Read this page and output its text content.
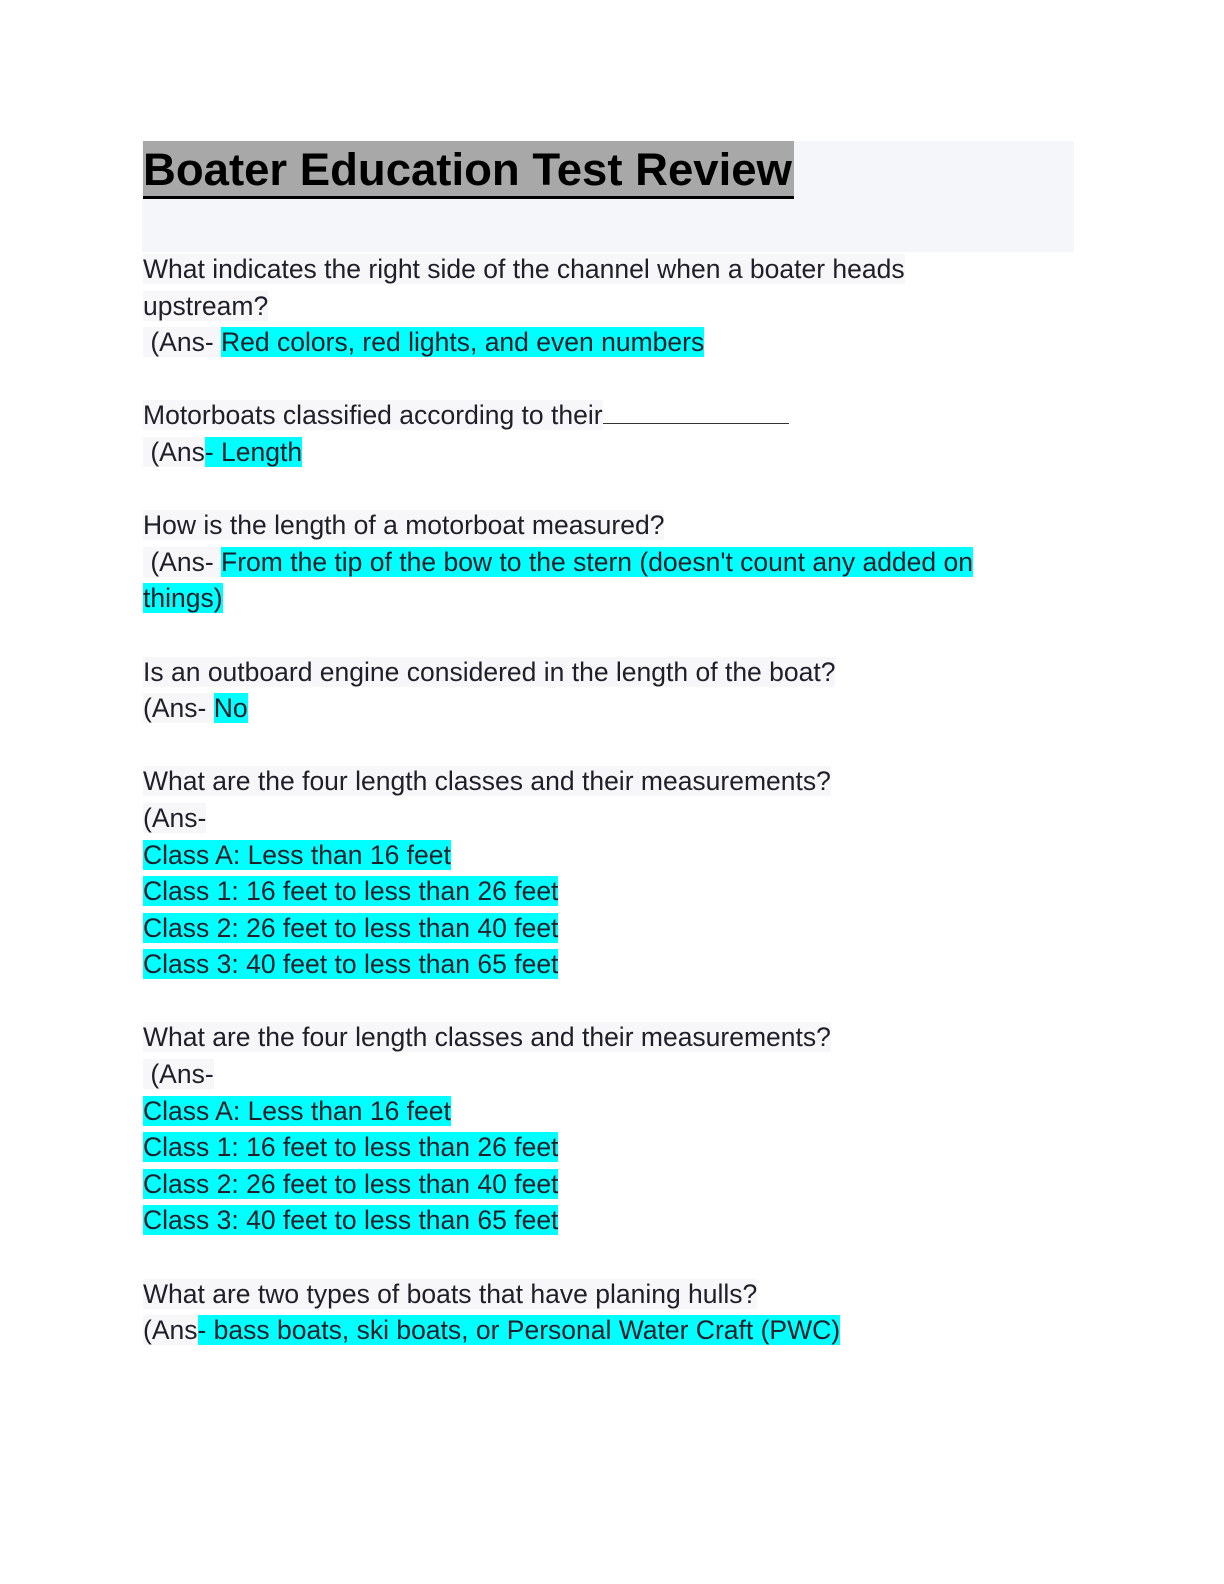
Boater Education Test Review
What indicates the right side of the channel when a boater heads
upstream?
(Ans- Red colors, red lights, and even numbers
Motorboats classified according to their
(Ans- Length
How is the length of a motorboat measured?
(Ans- From the tip of the bow to the stern (doesn't count any added on
things)
Is an outboard engine considered in the length of the boat?
(Ans- No
What are the four length classes and their measurements?
(Ans-
Class A: Less than 16 feet
Class 1: 16 feet to less than 26 feet
Class 2: 26 feet to less than 40 feet
Class 3: 40 feet to less than 65 feet
What are the four length classes and their measurements?
(Ans-
Class A: Less than 16 feet
Class 1: 16 feet to less than 26 feet
Class 2: 26 feet to less than 40 feet
Class 3: 40 feet to less than 65 feet
What are two types of boats that have planing hulls?
(Ans- bass boats, ski boats, or Personal Water Craft (PWC)
